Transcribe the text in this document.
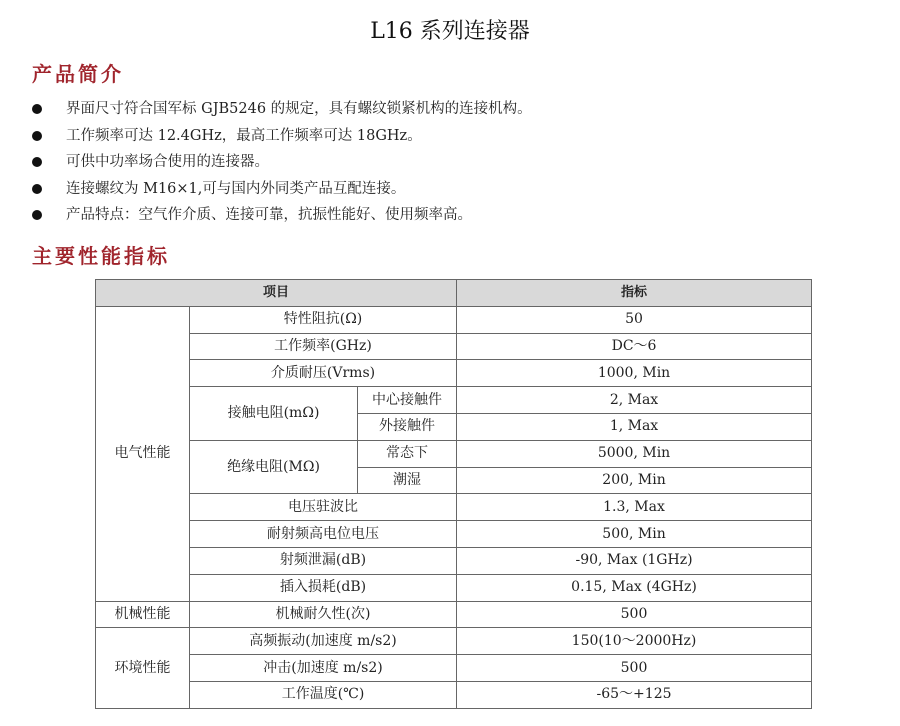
L16 系列连接器
产品简介
界面尺寸符合国军标 GJB5246 的规定，具有螺纹锁紧机构的连接机构。
工作频率可达 12.4GHz，最高工作频率可达 18GHz。
可供中功率场合使用的连接器。
连接螺纹为 M16×1,可与国内外同类产品互配连接。
产品特点：空气作介质、连接可靠，抗振性能好、使用频率高。
主要性能指标
项目			指标
电气性能	特性阻抗(Ω)		50
	工作频率(GHz)		DC～6
	介质耐压(Vrms)		1000, Min
	接触电阻(mΩ)	中心接触件	2, Max
		外接触件	1, Max
	绝缘电阻(MΩ)	常态下	5000, Min
		潮湿	200, Min
	电压驻波比		1.3, Max
	耐射频高电位电压		500, Min
	射频泄漏(dB)		-90, Max (1GHz)
	插入损耗(dB)		0.15, Max (4GHz)
机械性能	机械耐久性(次)		500
环境性能	高频振动(加速度 m/s2)		150(10～2000Hz)
	冲击(加速度 m/s2)		500
	工作温度(℃)		-65～+125
